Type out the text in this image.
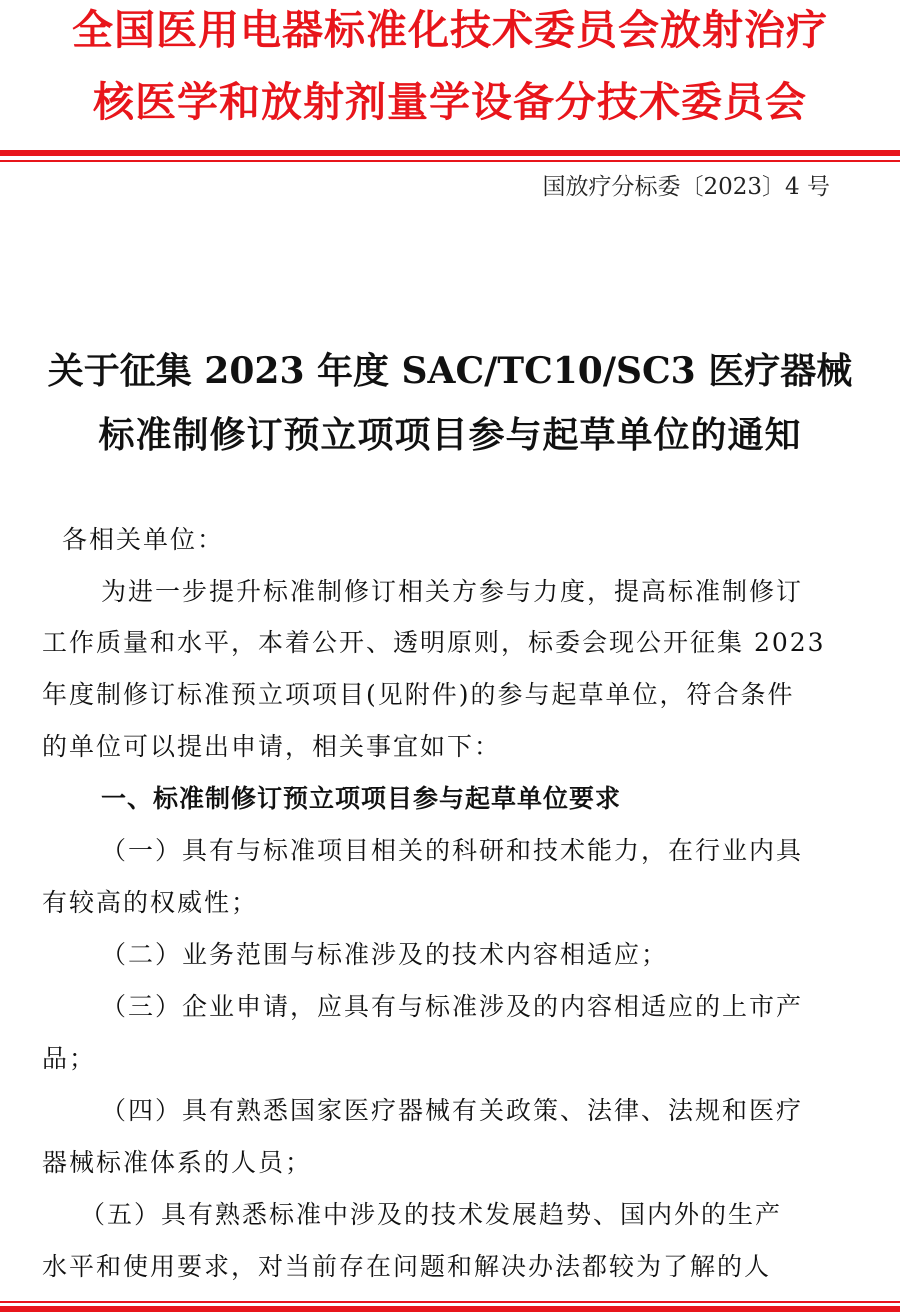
全国医用电器标准化技术委员会放射治疗
核医学和放射剂量学设备分技术委员会
国放疗分标委〔2023〕4 号
关于征集 2023 年度 SAC/TC10/SC3 医疗器械
标准制修订预立项项目参与起草单位的通知
各相关单位：
为进一步提升标准制修订相关方参与力度，提高标准制修订
工作质量和水平，本着公开、透明原则，标委会现公开征集 2023
年度制修订标准预立项项目(见附件)的参与起草单位，符合条件
的单位可以提出申请，相关事宜如下：
一、标准制修订预立项项目参与起草单位要求
（一）具有与标准项目相关的科研和技术能力，在行业内具
有较高的权威性；
（二）业务范围与标准涉及的技术内容相适应；
（三）企业申请，应具有与标准涉及的内容相适应的上市产
品；
（四）具有熟悉国家医疗器械有关政策、法律、法规和医疗
器械标准体系的人员；
（五）具有熟悉标准中涉及的技术发展趋势、国内外的生产
水平和使用要求，对当前存在问题和解决办法都较为了解的人
